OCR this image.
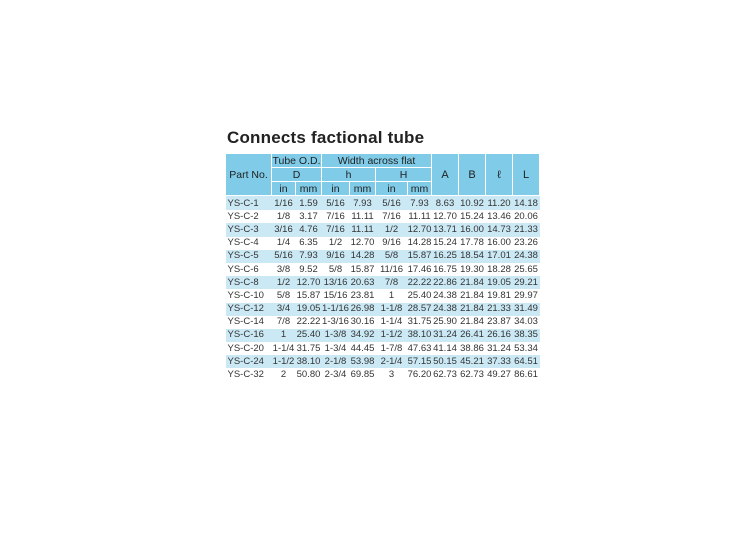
Connects factional tube
Part No.	Tube O.D.		Width across flat				A	B	ℓ	L
	D		h		H					
	in	mm	in	mm	in	mm				
YS-C-1	1/16	1.59	5/16	7.93	5/16	7.93	8.63	10.92	11.20	14.18
YS-C-2	1/8	3.17	7/16	11.11	7/16	11.11	12.70	15.24	13.46	20.06
YS-C-3	3/16	4.76	7/16	11.11	1/2	12.70	13.71	16.00	14.73	21.33
YS-C-4	1/4	6.35	1/2	12.70	9/16	14.28	15.24	17.78	16.00	23.26
YS-C-5	5/16	7.93	9/16	14.28	5/8	15.87	16.25	18.54	17.01	24.38
YS-C-6	3/8	9.52	5/8	15.87	11/16	17.46	16.75	19.30	18.28	25.65
YS-C-8	1/2	12.70	13/16	20.63	7/8	22.22	22.86	21.84	19.05	29.21
YS-C-10	5/8	15.87	15/16	23.81	1	25.40	24.38	21.84	19.81	29.97
YS-C-12	3/4	19.05	1-1/16	26.98	1-1/8	28.57	24.38	21.84	21.33	31.49
YS-C-14	7/8	22.22	1-3/16	30.16	1-1/4	31.75	25.90	21.84	23.87	34.03
YS-C-16	1	25.40	1-3/8	34.92	1-1/2	38.10	31.24	26.41	26.16	38.35
YS-C-20	1-1/4	31.75	1-3/4	44.45	1-7/8	47.63	41.14	38.86	31.24	53.34
YS-C-24	1-1/2	38.10	2-1/8	53.98	2-1/4	57.15	50.15	45.21	37.33	64.51
YS-C-32	2	50.80	2-3/4	69.85	3	76.20	62.73	62.73	49.27	86.61
